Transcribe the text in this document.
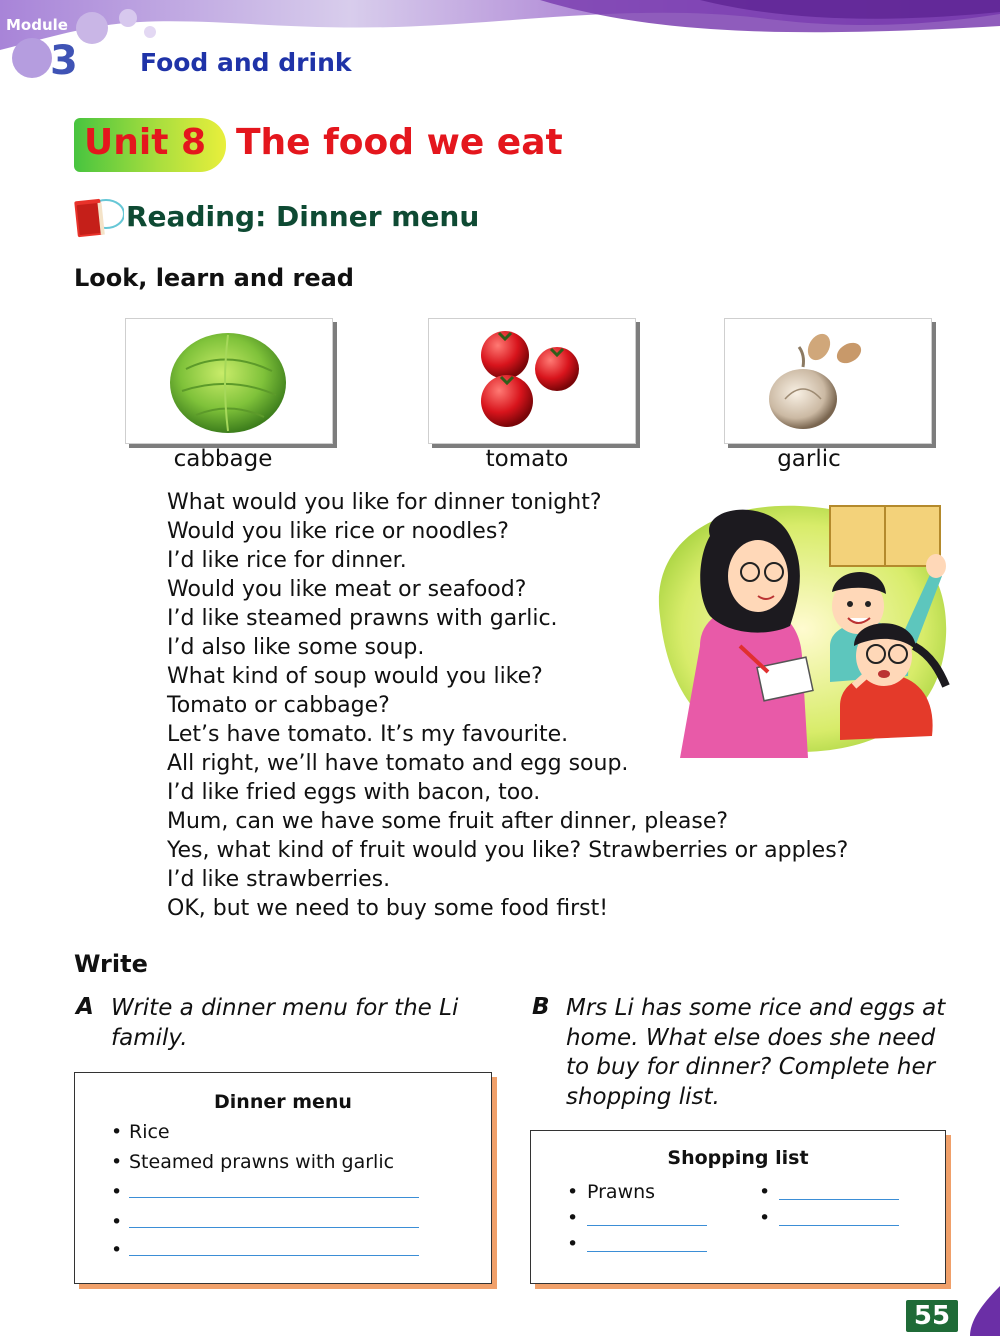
Module
3 Food and drink
Unit 8 The food we eat
Reading: Dinner menu
Look, learn and read
cabbage	tomato	garlic
What would you like for dinner tonight?
Would you like rice or noodles?
I’d like rice for dinner.
Would you like meat or seafood?
I’d like steamed prawns with garlic.
I’d also like some soup.
What kind of soup would you like?
Tomato or cabbage?
Let’s have tomato. It’s my favourite.
All right, we’ll have tomato and egg soup.
I’d like fried eggs with bacon, too.
Mum, can we have some fruit after dinner, please?
Yes, what kind of fruit would you like? Strawberries or apples?
I’d like strawberries.
OK, but we need to buy some food first!
Write
A Write a dinner menu for the Li
family.
B Mrs Li has some rice and eggs at
home. What else does she need
to buy for dinner? Complete her
shopping list.
Dinner menu
• Rice
• Steamed prawns with garlic
•
•
•
Shopping list
• Prawns
•
•
•
•
55
